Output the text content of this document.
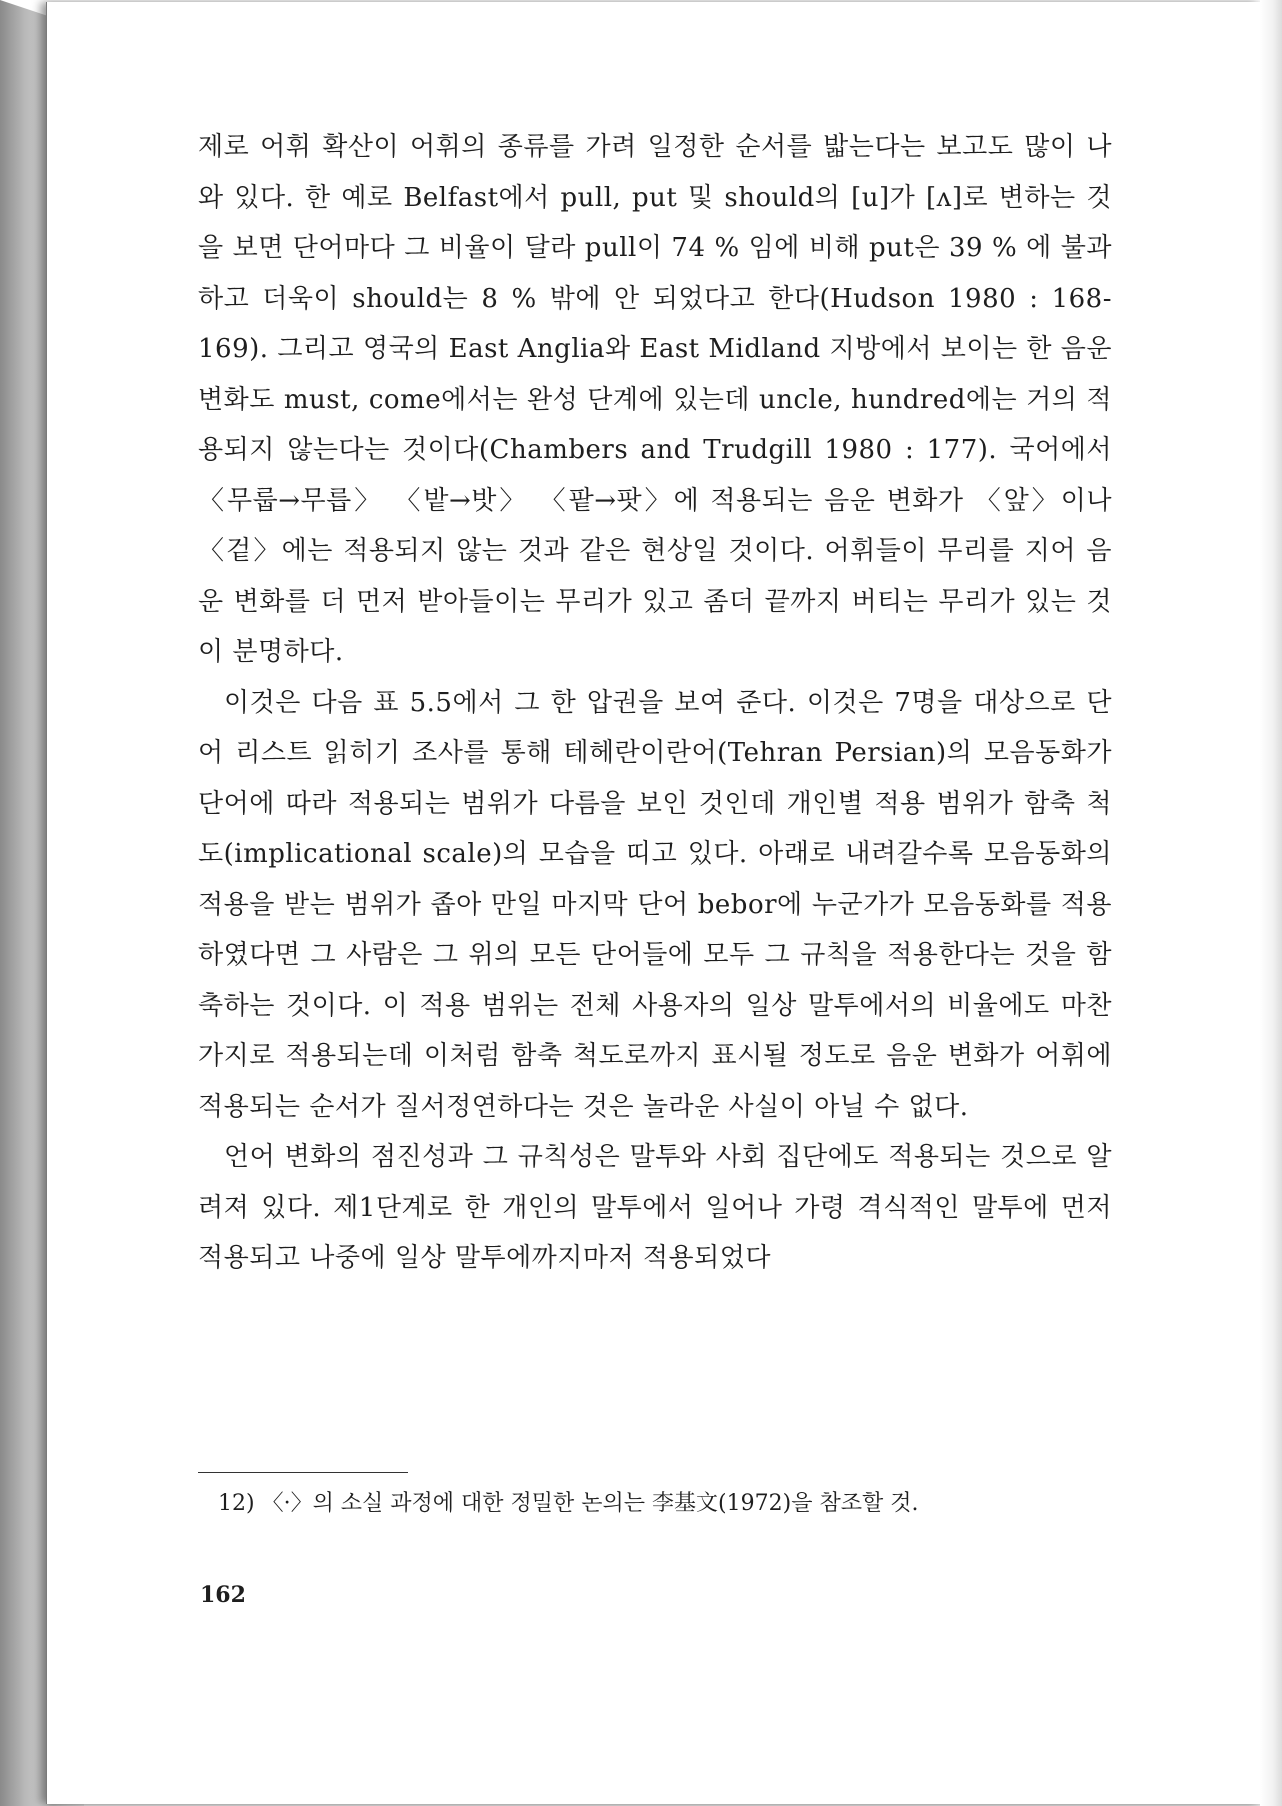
제로 어휘 확산이 어휘의 종류를 가려 일정한 순서를 밟는다는 보고도 많이 나와 있다. 한 예로 Belfast에서 pull, put 및 should의 [u]가 [ʌ]로 변하는 것을 보면 단어마다 그 비율이 달라 pull이 74 % 임에 비해 put은 39 % 에 불과하고 더욱이 should는 8 % 밖에 안 되었다고 한다(Hudson 1980 : 168-169). 그리고 영국의 East Anglia와 East Midland 지방에서 보이는 한 음운 변화도 must, come에서는 완성 단계에 있는데 uncle, hundred에는 거의 적용되지 않는다는 것이다(Chambers and Trudgill 1980 : 177). 국어에서 〈무룹→무릅〉 〈밭→밧〉 〈팥→팟〉에 적용되는 음운 변화가 〈앞〉이나 〈겉〉에는 적용되지 않는 것과 같은 현상일 것이다. 어휘들이 무리를 지어 음운 변화를 더 먼저 받아들이는 무리가 있고 좀더 끝까지 버티는 무리가 있는 것이 분명하다.

이것은 다음 표 5.5에서 그 한 압권을 보여 준다. 이것은 7명을 대상으로 단어 리스트 읽히기 조사를 통해 테헤란이란어(Tehran Persian)의 모음동화가 단어에 따라 적용되는 범위가 다름을 보인 것인데 개인별 적용 범위가 함축 척도(implicational scale)의 모습을 띠고 있다. 아래로 내려갈수록 모음동화의 적용을 받는 범위가 좁아 만일 마지막 단어 bebor에 누군가가 모음동화를 적용하였다면 그 사람은 그 위의 모든 단어들에 모두 그 규칙을 적용한다는 것을 함축하는 것이다. 이 적용 범위는 전체 사용자의 일상 말투에서의 비율에도 마찬가지로 적용되는데 이처럼 함축 척도로까지 표시될 정도로 음운 변화가 어휘에 적용되는 순서가 질서정연하다는 것은 놀라운 사실이 아닐 수 없다.

언어 변화의 점진성과 그 규칙성은 말투와 사회 집단에도 적용되는 것으로 알려져 있다. 제1단계로 한 개인의 말투에서 일어나 가령 격식적인 말투에 먼저 적용되고 나중에 일상 말투에까지마저 적용되었다

12) 〈·〉의 소실 과정에 대한 정밀한 논의는 李基文(1972)을 참조할 것.

162
